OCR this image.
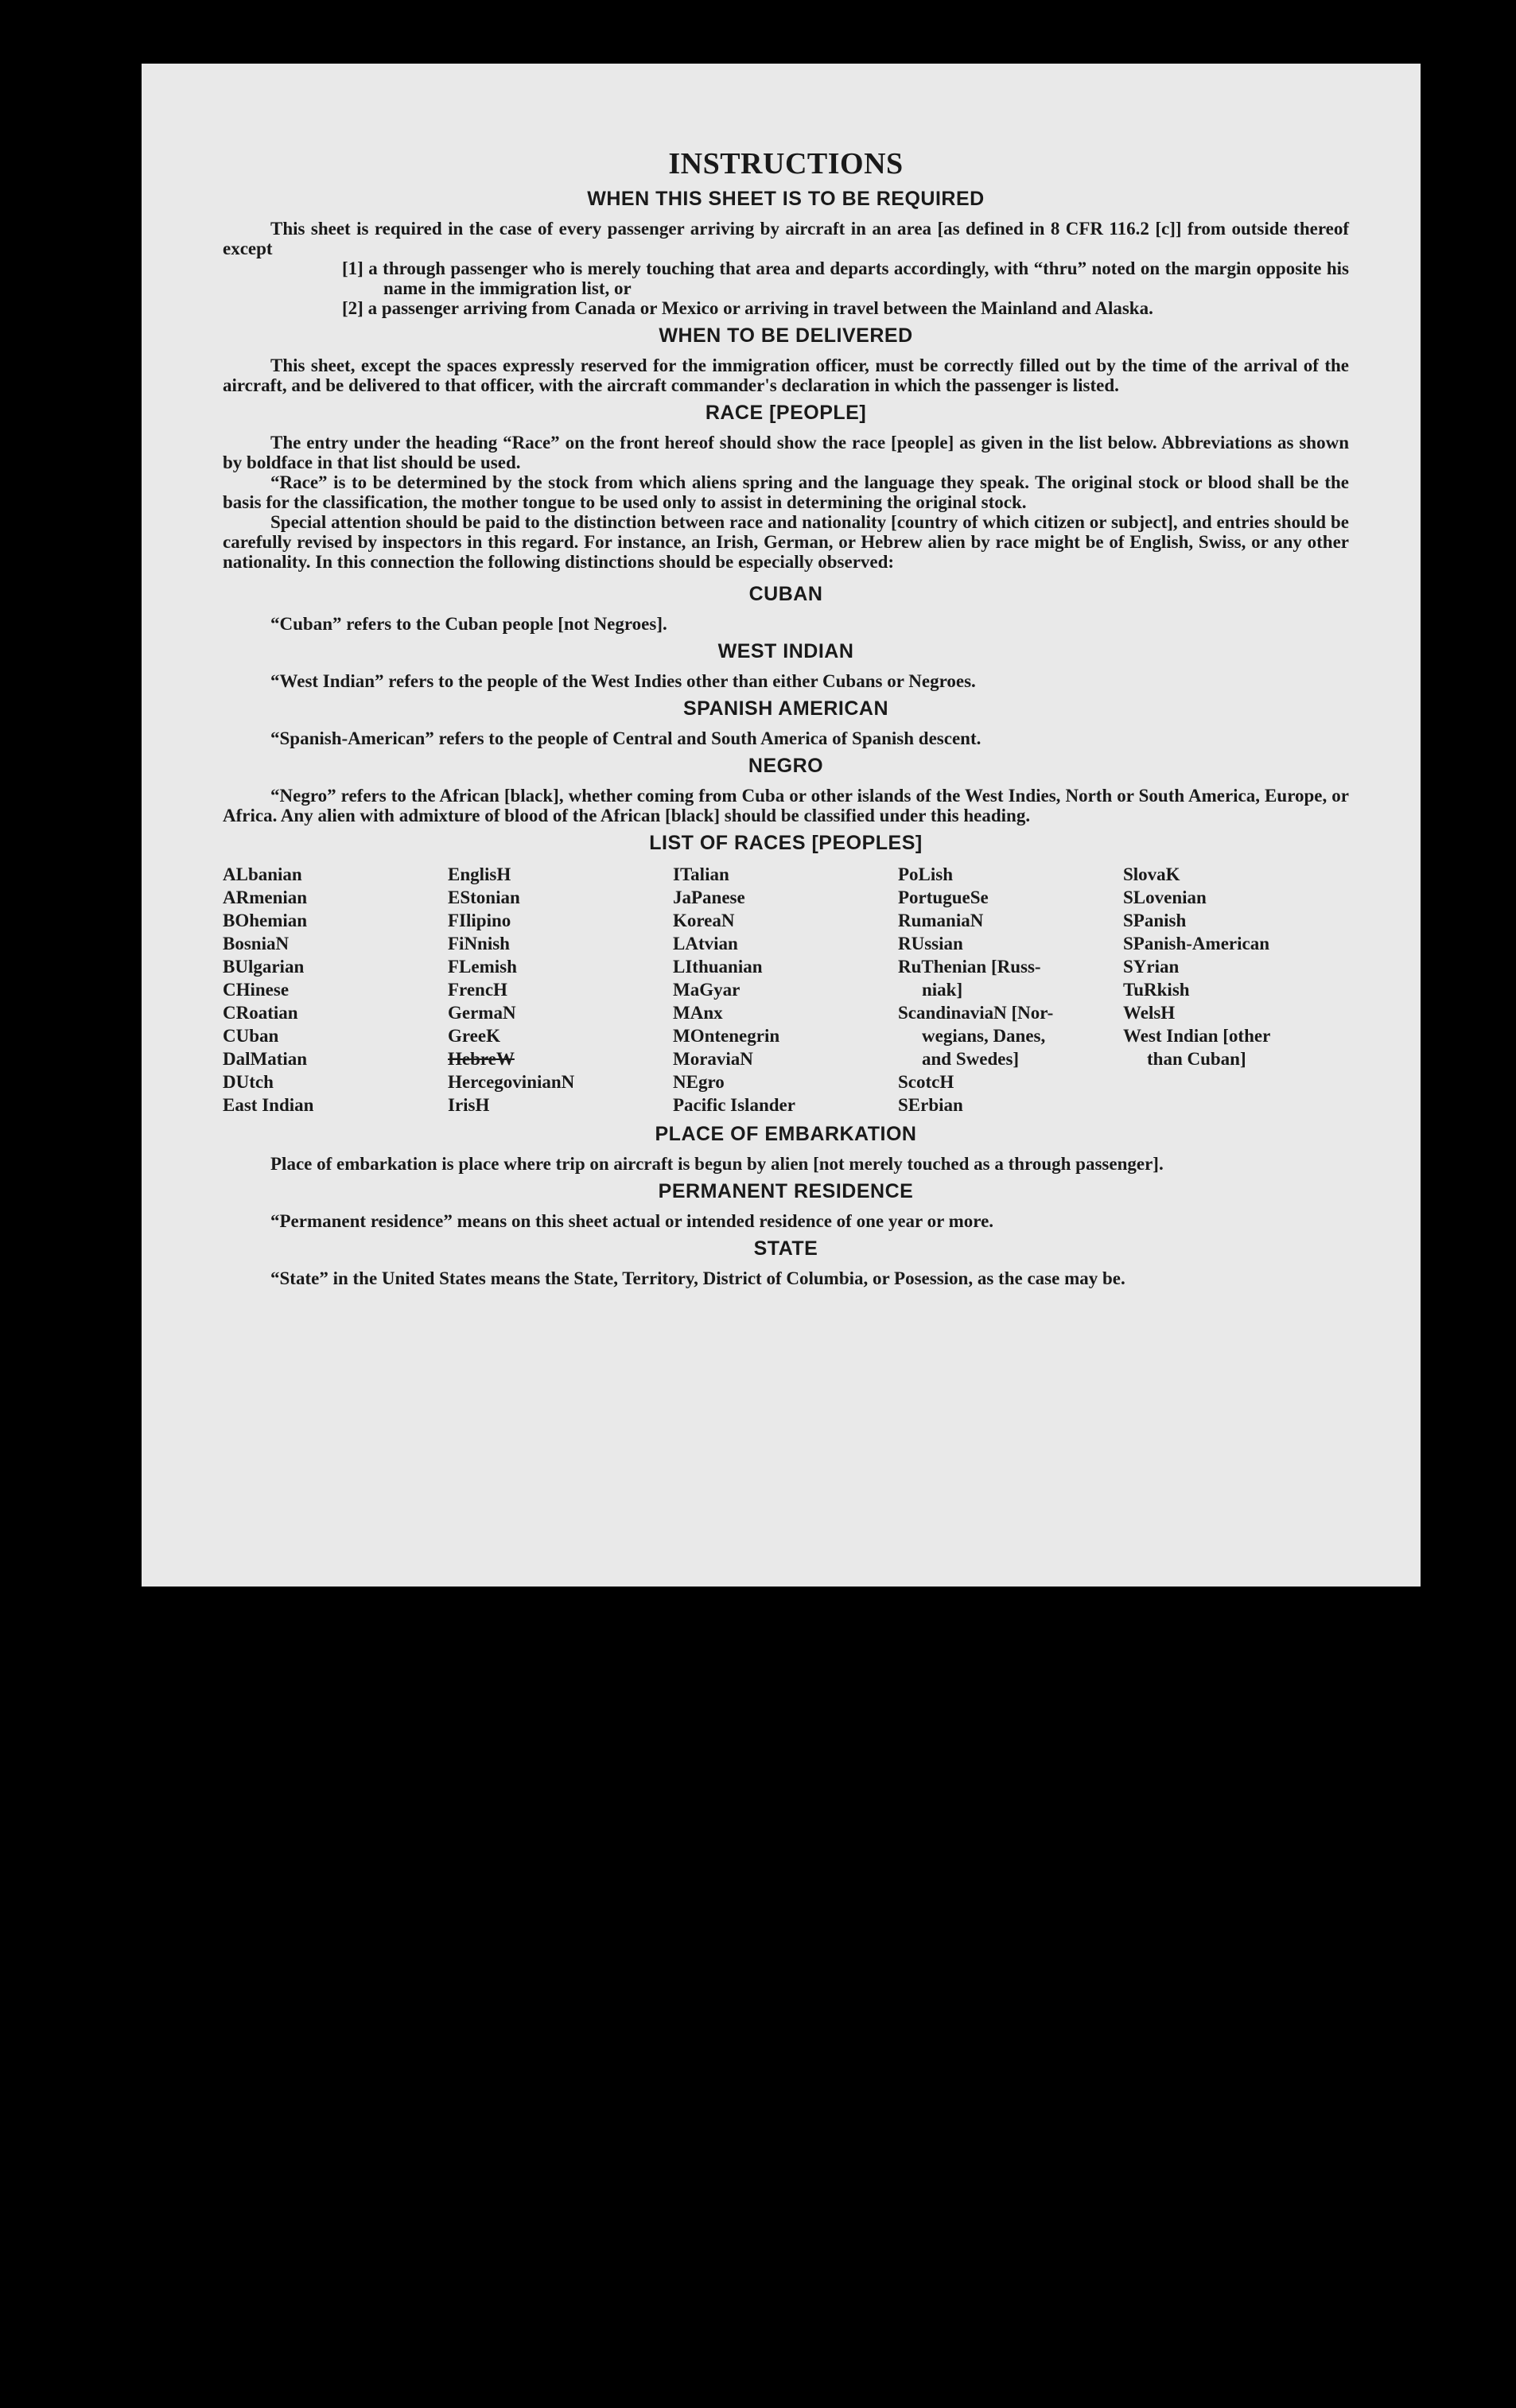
INSTRUCTIONS
WHEN THIS SHEET IS TO BE REQUIRED

This sheet is required in the case of every passenger arriving by aircraft in an area [as defined in 8 CFR 116.2 [c]] from outside thereof except

[1] a through passenger who is merely touching that area and departs accordingly, with “thru” noted on the margin opposite his name in the immigration list, or
[2] a passenger arriving from Canada or Mexico or arriving in travel between the Mainland and Alaska.
WHEN TO BE DELIVERED

This sheet, except the spaces expressly reserved for the immigration officer, must be correctly filled out by the time of the arrival of the aircraft, and be delivered to that officer, with the aircraft commander's declaration in which the passenger is listed.

RACE [PEOPLE]

The entry under the heading “Race” on the front hereof should show the race [people] as given in the list below. Abbreviations as shown by boldface in that list should be used.

“Race” is to be determined by the stock from which aliens spring and the language they speak. The original stock or blood shall be the basis for the classification, the mother tongue to be used only to assist in determining the original stock.

Special attention should be paid to the distinction between race and nationality [country of which citizen or subject], and entries should be carefully revised by inspectors in this regard. For instance, an Irish, German, or Hebrew alien by race might be of English, Swiss, or any other nationality. In this connection the following distinctions should be especially observed:

CUBAN

“Cuban” refers to the Cuban people [not Negroes].

WEST INDIAN

“West Indian” refers to the people of the West Indies other than either Cubans or Negroes.

SPANISH AMERICAN

“Spanish-American” refers to the people of Central and South America of Spanish descent.

NEGRO

“Negro” refers to the African [black], whether coming from Cuba or other islands of the West Indies, North or South America, Europe, or Africa. Any alien with admixture of blood of the African [black] should be classified under this heading.

LIST OF RACES [PEOPLES]
ALbanian
ARmenian
BOhemian
BosniaN
BUlgarian
CHinese
CRoatian
CUban
DalMatian
DUtch
East Indian
EnglisH
EStonian
FIlipino
FiNnish
FLemish
FrencH
GermaN
GreeK
HebreW
HercegovinianN
IrisH
ITalian
JaPanese
KoreaN
LAtvian
LIthuanian
MaGyar
MAnx
MOntenegrin
MoraviaN
NEgro
Pacific Islander
PoLish
PortugueSe
RumaniaN
RUssian
RuThenian [Russ-
niak]
ScandinaviaN [Nor-
wegians, Danes,
and Swedes]
ScotcH
SErbian
SlovaK
SLovenian
SPanish
SPanish-American
SYrian
TuRkish
WelsH
West Indian [other
than Cuban]
PLACE OF EMBARKATION

Place of embarkation is place where trip on aircraft is begun by alien [not merely touched as a through passenger].

PERMANENT RESIDENCE

“Permanent residence” means on this sheet actual or intended residence of one year or more.

STATE

“State” in the United States means the State, Territory, District of Columbia, or Posession, as the case may be.
